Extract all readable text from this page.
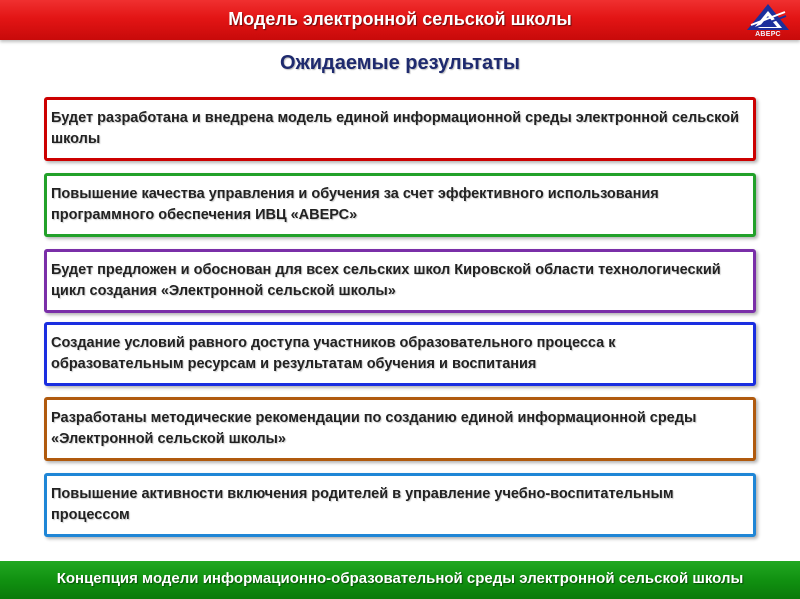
Модель электронной сельской школы
АВЕРС
Ожидаемые результаты
Будет разработана и внедрена модель единой информационной среды электронной сельской школы
Повышение качества управления и обучения за счет эффективного использования программного обеспечения ИВЦ «АВЕРС»
Будет предложен и обоснован для всех сельских школ Кировской области технологический цикл создания «Электронной сельской школы»
Создание условий равного доступа участников образовательного процесса к образовательным ресурсам и результатам обучения и воспитания
Разработаны методические рекомендации по созданию единой информационной среды «Электронной сельской школы»
Повышение активности включения родителей в управление учебно-воспитательным процессом
Концепция модели информационно-образовательной среды электронной сельской школы
